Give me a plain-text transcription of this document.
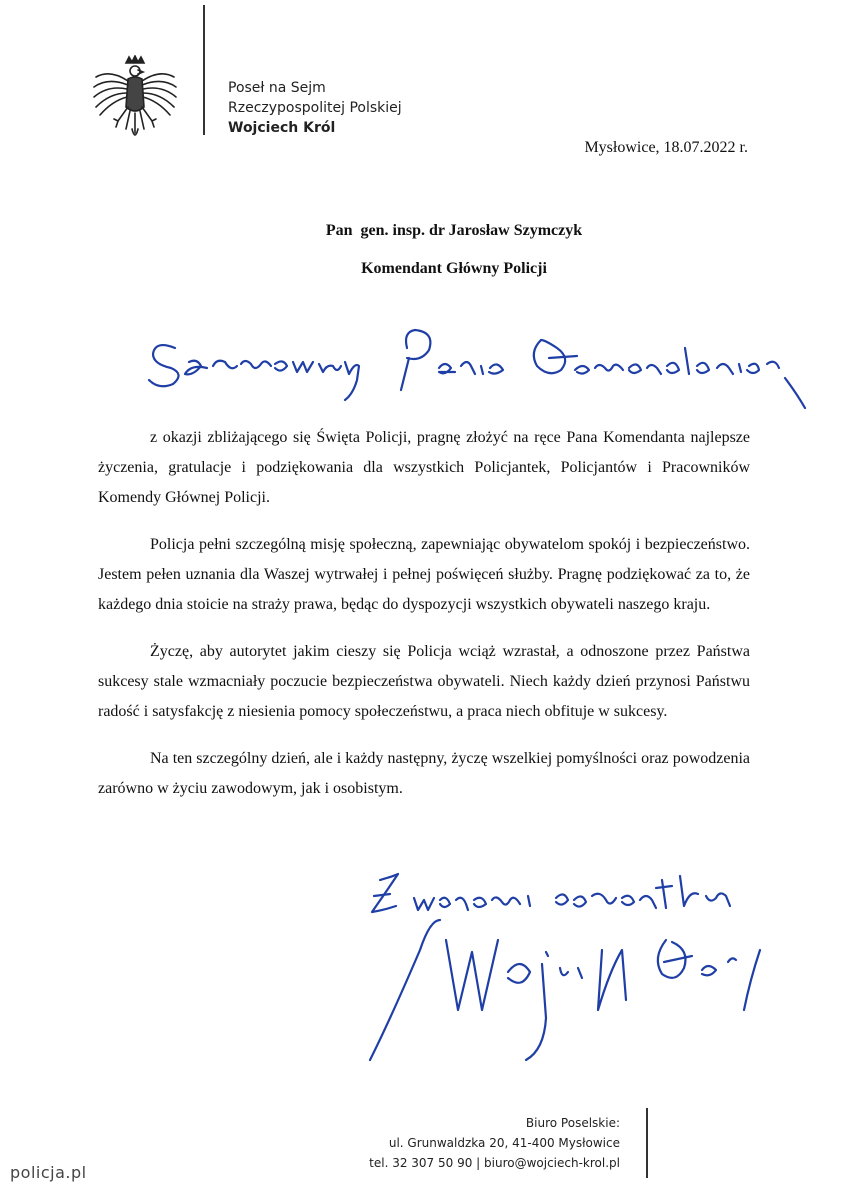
Poseł na Sejm
Rzeczypospolitej Polskiej
Wojciech Król
Mysłowice, 18.07.2022 r.
Pan  gen. insp. dr Jarosław Szymczyk
Komendant Główny Policji

z okazji zbliżającego się Święta Policji, pragnę złożyć na ręce Pana Komendanta najlepsze życzenia, gratulacje i podziękowania dla wszystkich Policjantek, Policjantów i Pracowników Komendy Głównej Policji.

Policja pełni szczególną misję społeczną, zapewniając obywatelom spokój i bezpieczeństwo. Jestem pełen uznania dla Waszej wytrwałej i pełnej poświęceń służby. Pragnę podziękować za to, że każdego dnia stoicie na straży prawa, będąc do dyspozycji wszystkich obywateli naszego kraju.

Życzę, aby autorytet jakim cieszy się Policja wciąż wzrastał, a odnoszone przez Państwa sukcesy stale wzmacniały poczucie bezpieczeństwa obywateli. Niech każdy dzień przynosi Państwu radość i satysfakcję z niesienia pomocy społeczeństwu, a praca niech obfituje w sukcesy.

Na ten szczególny dzień, ale i każdy następny, życzę wszelkiej pomyślności oraz powodzenia zarówno w życiu zawodowym, jak i osobistym.

Biuro Poselskie:
ul. Grunwaldzka 20, 41-400 Mysłowice
tel. 32 307 50 90 | biuro@wojciech-krol.pl
policja.pl
